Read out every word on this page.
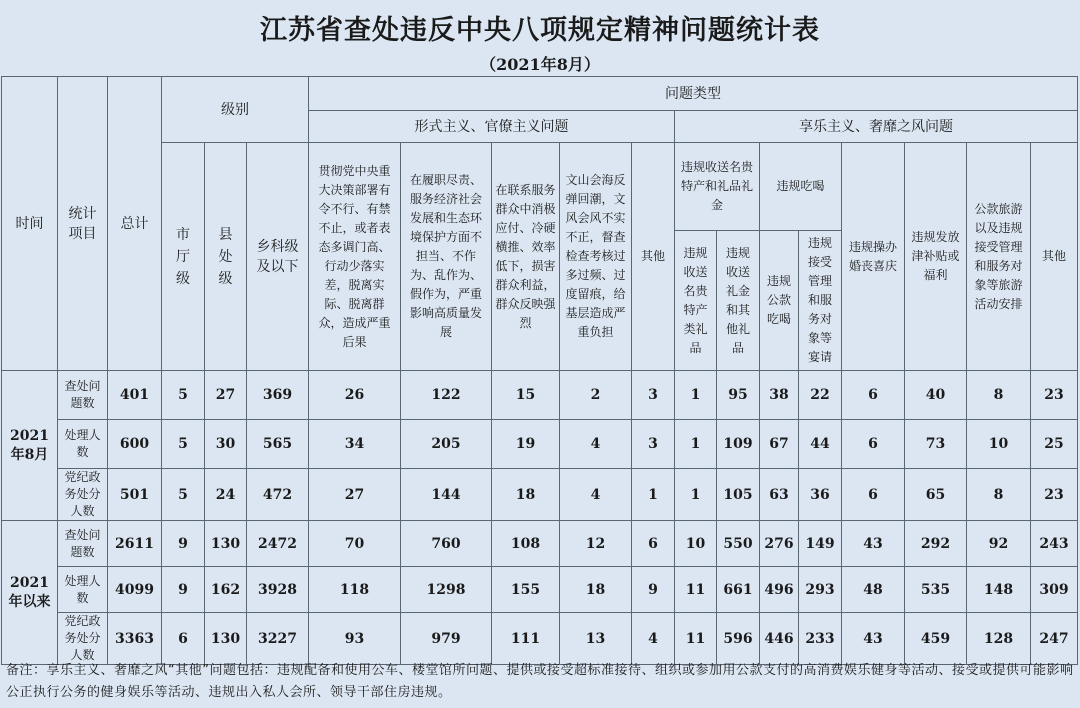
江苏省查处违反中央八项规定精神问题统计表
（2021年8月）
时间	统计项目	总计	级别			问题类型												
						形式主义、官僚主义问题					享乐主义、奢靡之风问题							

			市厅级	县处级	乡科级及以下	贯彻党中央重大决策部署有令不行、有禁不止，或者表态多调门高、行动少落实差，脱离实际、脱离群众，造成严重后果	在履职尽责、服务经济社会发展和生态环境保护方面不担当、不作为、乱作为、假作为，严重影响高质量发展	在联系服务群众中消极应付、冷硬横推、效率低下，损害群众利益，群众反映强烈	文山会海反弹回潮，文风会风不实不正，督查检查考核过多过频、过度留痕，给基层造成严重负担	其他	违规收送名贵特产和礼品礼金		违规吃喝		违规操办婚丧喜庆	违规发放津补贴或福利	公款旅游以及违规接受管理和服务对象等旅游活动安排	其他

											违规收送名贵特产类礼品	违规收送礼金和其他礼品	违规公款吃喝	违规接受管理和服务对象等宴请				

2021年8月	查处问题数	401	5	27	369	26	122	15	2	3	1	95	38	22	6	40	8	23

	处理人数	600	5	30	565	34	205	19	4	3	1	109	67	44	6	73	10	25

	党纪政务处分人数	501	5	24	472	27	144	18	4	1	1	105	63	36	6	65	8	23

2021年以来	查处问题数	2611	9	130	2472	70	760	108	12	6	10	550	276	149	43	292	92	243

	处理人数	4099	9	162	3928	118	1298	155	18	9	11	661	496	293	48	535	148	309

	党纪政务处分人数	3363	6	130	3227	93	979	111	13	4	11	596	446	233	43	459	128	247
备注：享乐主义、奢靡之风“其他”问题包括：违规配备和使用公车、楼堂馆所问题、提供或接受超标准接待、组织或参加用公款支付的高消费娱乐健身等活动、接受或提供可能影响公正执行公务的健身娱乐等活动、违规出入私人会所、领导干部住房违规。
